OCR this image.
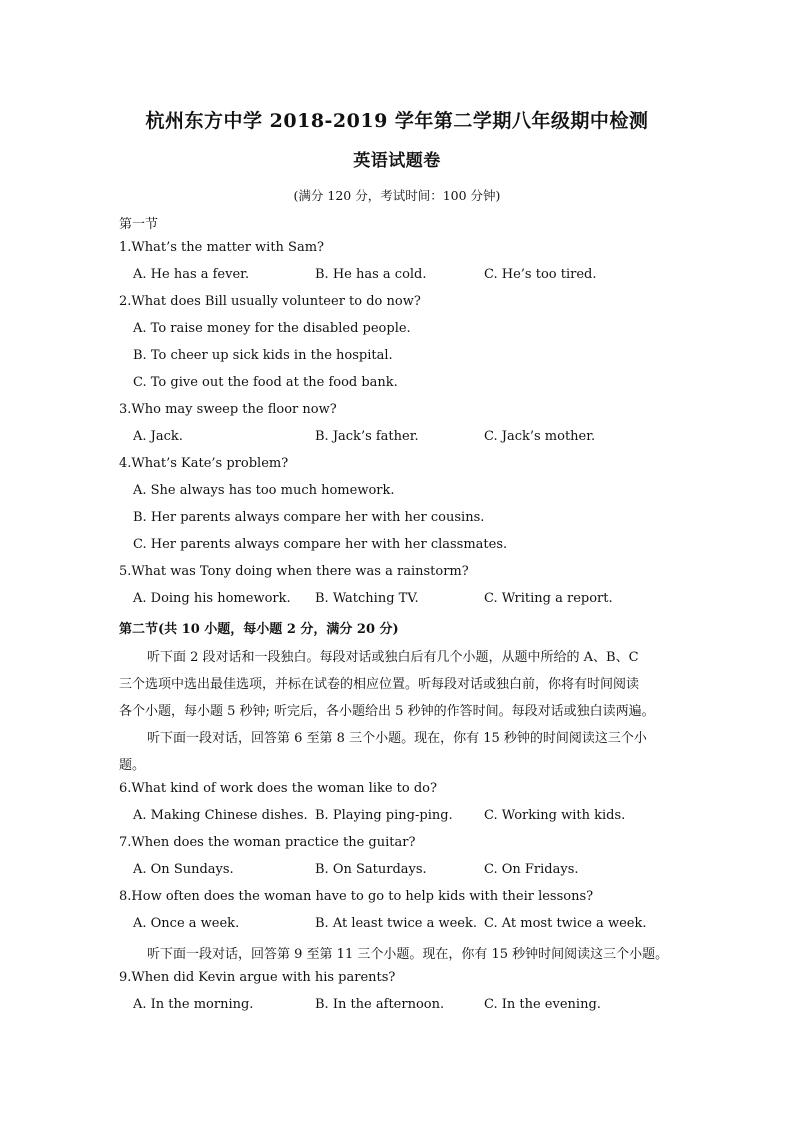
杭州东方中学 2018-2019 学年第二学期八年级期中检测
英语试题卷
(满分 120 分，考试时间：100 分钟)
第一节
1.What’s the matter with Sam?
A. He has a fever.	B. He has a cold.	C. He’s too tired.
2.What does Bill usually volunteer to do now?
A. To raise money for the disabled people.
B. To cheer up sick kids in the hospital.
C. To give out the food at the food bank.
3.Who may sweep the floor now?
A. Jack.	B. Jack’s father.	C. Jack’s mother.
4.What’s Kate’s problem?
A. She always has too much homework.
B. Her parents always compare her with her cousins.
C. Her parents always compare her with her classmates.
5.What was Tony doing when there was a rainstorm?
A. Doing his homework. B. Watching TV.	C. Writing a report.
第二节(共 10 小题，每小题 2 分，满分 20 分)
听下面 2 段对话和一段独白。每段对话或独白后有几个小题，从题中所给的 A、B、C
三个选项中选出最佳选项，并标在试卷的相应位置。听每段对话或独白前，你将有时间阅读
各个小题，每小题 5 秒钟; 听完后，各小题给出 5 秒钟的作答时间。每段对话或独白读两遍。
听下面一段对话，回答第 6 至第 8 三个小题。现在，你有 15 秒钟的时间阅读这三个小
题。
6.What kind of work does the woman like to do?
A. Making Chinese dishes. B. Playing ping-ping. C. Working with kids.
7.When does the woman practice the guitar?
A. On Sundays.	B. On Saturdays.	C. On Fridays.
8.How often does the woman have to go to help kids with their lessons?
A. Once a week.	B. At least twice a week. C. At most twice a week.
听下面一段对话，回答第 9 至第 11 三个小题。现在，你有 15 秒钟时间阅读这三个小题。
9.When did Kevin argue with his parents?
A. In the morning.	B. In the afternoon.	C. In the evening.
